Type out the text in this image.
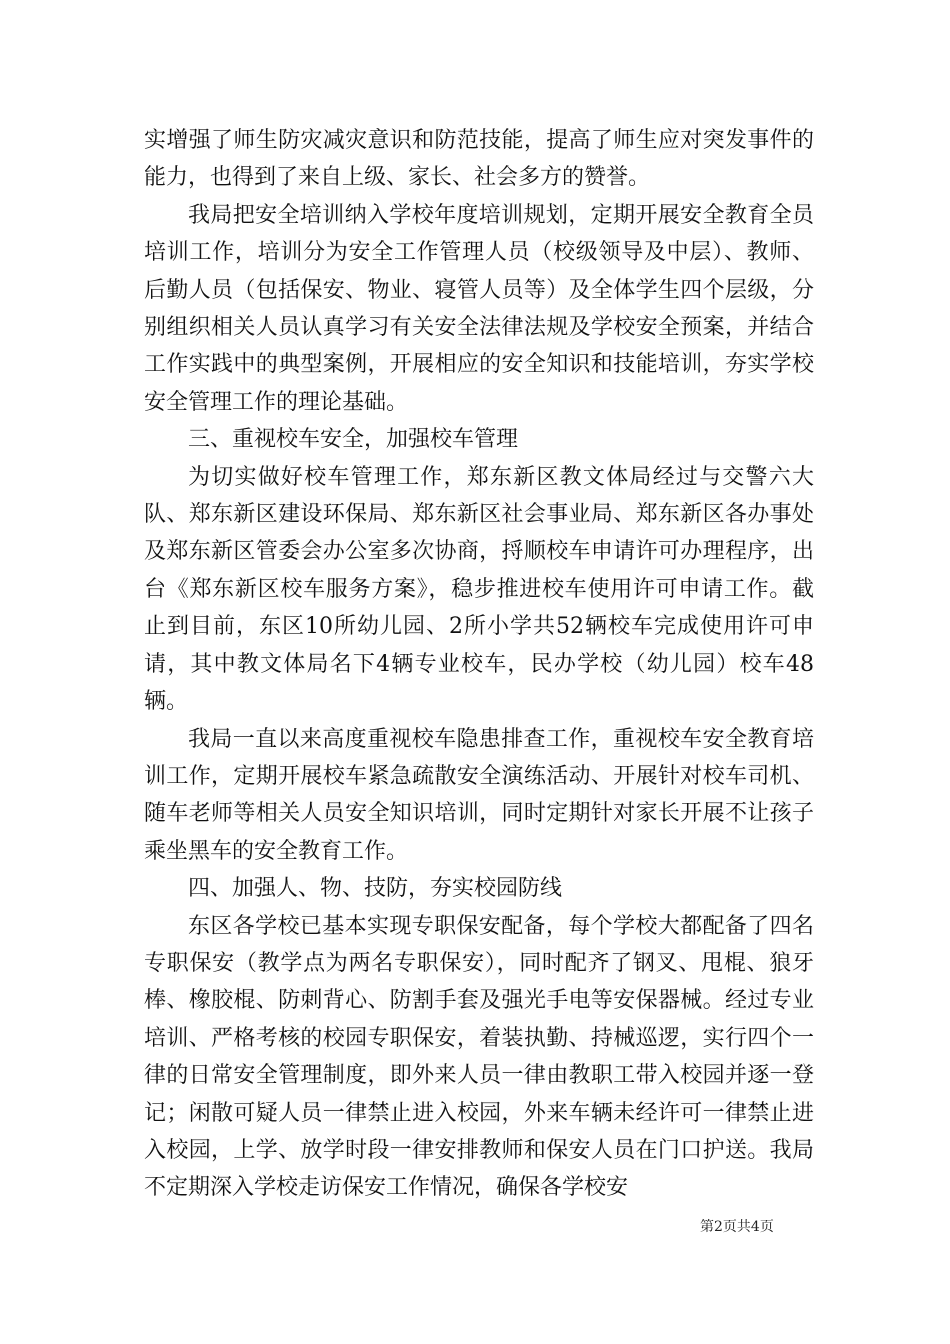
实增强了师生防灾减灾意识和防范技能，提高了师生应对突发事件的能力，也得到了来自上级、家长、社会多方的赞誉。

我局把安全培训纳入学校年度培训规划，定期开展安全教育全员培训工作，培训分为安全工作管理人员（校级领导及中层）、教师、后勤人员（包括保安、物业、寝管人员等）及全体学生四个层级，分别组织相关人员认真学习有关安全法律法规及学校安全预案，并结合工作实践中的典型案例，开展相应的安全知识和技能培训，夯实学校安全管理工作的理论基础。

三、重视校车安全，加强校车管理

为切实做好校车管理工作，郑东新区教文体局经过与交警六大队、郑东新区建设环保局、郑东新区社会事业局、郑东新区各办事处及郑东新区管委会办公室多次协商，捋顺校车申请许可办理程序，出台《郑东新区校车服务方案》，稳步推进校车使用许可申请工作。截止到目前，东区10所幼儿园、2所小学共52辆校车完成使用许可申请，其中教文体局名下4辆专业校车，民办学校（幼儿园）校车48辆。

我局一直以来高度重视校车隐患排查工作，重视校车安全教育培训工作，定期开展校车紧急疏散安全演练活动、开展针对校车司机、随车老师等相关人员安全知识培训，同时定期针对家长开展不让孩子乘坐黑车的安全教育工作。

四、加强人、物、技防，夯实校园防线

东区各学校已基本实现专职保安配备，每个学校大都配备了四名专职保安（教学点为两名专职保安），同时配齐了钢叉、甩棍、狼牙棒、橡胶棍、防刺背心、防割手套及强光手电等安保器械。经过专业培训、严格考核的校园专职保安，着装执勤、持械巡逻，实行四个一律的日常安全管理制度，即外来人员一律由教职工带入校园并逐一登记；闲散可疑人员一律禁止进入校园，外来车辆未经许可一律禁止进入校园，上学、放学时段一律安排教师和保安人员在门口护送。我局不定期深入学校走访保安工作情况，确保各学校安

第2页共4页
